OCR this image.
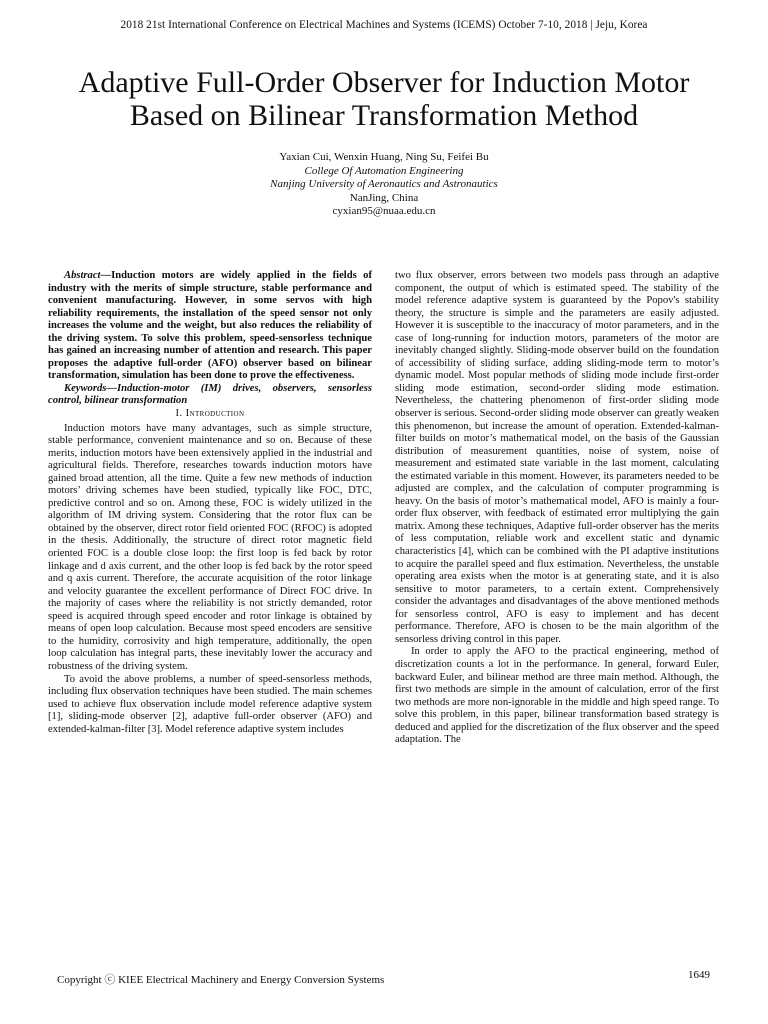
2018 21st International Conference on Electrical Machines and Systems (ICEMS) October 7-10, 2018 | Jeju, Korea
Adaptive Full-Order Observer for Induction Motor
Based on Bilinear Transformation Method
Yaxian Cui, Wenxin Huang, Ning Su, Feifei Bu
College Of Automation Engineering
Nanjing University of Aeronautics and Astronautics
NanJing, China
cyxian95@nuaa.edu.cn

Abstract—Induction motors are widely applied in the fields of industry with the merits of simple structure, stable performance and convenient manufacturing. However, in some servos with high reliability requirements, the installation of the speed sensor not only increases the volume and the weight, but also reduces the reliability of the driving system. To solve this problem, speed-sensorless technique has gained an increasing number of attention and research. This paper proposes the adaptive full-order (AFO) observer based on bilinear transformation, simulation has been done to prove the effectiveness.

Keywords—Induction-motor (IM) drives, observers, sensorless control, bilinear transformation

I. Introduction

Induction motors have many advantages, such as simple structure, stable performance, convenient maintenance and so on. Because of these merits, induction motors have been extensively applied in the industrial and agricultural fields. Therefore, researches towards induction motors have gained broad attention, all the time. Quite a few new methods of induction motors’ driving schemes have been studied, typically like FOC, DTC, predictive control and so on. Among these, FOC is widely utilized in the algorithm of IM driving system. Considering that the rotor flux can be obtained by the observer, direct rotor field oriented FOC (RFOC) is adopted in the thesis. Additionally, the structure of direct rotor magnetic field oriented FOC is a double close loop: the first loop is fed back by rotor linkage and d axis current, and the other loop is fed back by the rotor speed and q axis current. Therefore, the accurate acquisition of the rotor linkage and velocity guarantee the excellent performance of Direct FOC drive. In the majority of cases where the reliability is not strictly demanded, rotor speed is acquired through speed encoder and rotor linkage is obtained by means of open loop calculation. Because most speed encoders are sensitive to the humidity, corrosivity and high temperature, additionally, the open loop calculation has integral parts, these inevitably lower the accuracy and robustness of the driving system.

To avoid the above problems, a number of speed-sensorless methods, including flux observation techniques have been studied. The main schemes used to achieve flux observation include model reference adaptive system [1], sliding-mode observer [2], adaptive full-order observer (AFO) and extended-kalman-filter [3]. Model reference adaptive system includes

two flux observer, errors between two models pass through an adaptive component, the output of which is estimated speed. The stability of the model reference adaptive system is guaranteed by the Popov's stability theory, the structure is simple and the parameters are easily adjusted. However it is susceptible to the inaccuracy of motor parameters, and in the case of long-running for induction motors, parameters of the motor are inevitably changed slightly. Sliding-mode observer build on the foundation of accessibility of sliding surface, adding sliding-mode term to motor’s dynamic model. Most popular methods of sliding mode include first-order sliding mode estimation, second-order sliding mode estimation. Nevertheless, the chattering phenomenon of first-order sliding mode observer is serious. Second-order sliding mode observer can greatly weaken this phenomenon, but increase the amount of operation. Extended-kalman-filter builds on motor’s mathematical model, on the basis of the Gaussian distribution of measurement quantities, noise of system, noise of measurement and estimated state variable in the last moment, calculating the estimated variable in this moment. However, its parameters needed to be adjusted are complex, and the calculation of computer programming is heavy. On the basis of motor’s mathematical model, AFO is mainly a four-order flux observer, with feedback of estimated error multiplying the gain matrix. Among these techniques, Adaptive full-order observer has the merits of less computation, reliable work and excellent static and dynamic characteristics [4], which can be combined with the PI adaptive institutions to acquire the parallel speed and flux estimation. Nevertheless, the unstable operating area exists when the motor is at generating state, and it is also sensitive to motor parameters, to a certain extent. Comprehensively consider the advantages and disadvantages of the above mentioned methods for sensorless control, AFO is easy to implement and has decent performance. Therefore, AFO is chosen to be the main algorithm of the sensorless driving control in this paper.

In order to apply the AFO to the practical engineering, method of discretization counts a lot in the performance. In general, forward Euler, backward Euler, and bilinear method are three main method. Although, the first two methods are simple in the amount of calculation, error of the first two methods are more non-ignorable in the middle and high speed range. To solve this problem, in this paper, bilinear transformation based strategy is deduced and applied for the discretization of the flux observer and the speed adaptation. The

Copyright ⓒ KIEE Electrical Machinery and Energy Conversion Systems	1649
